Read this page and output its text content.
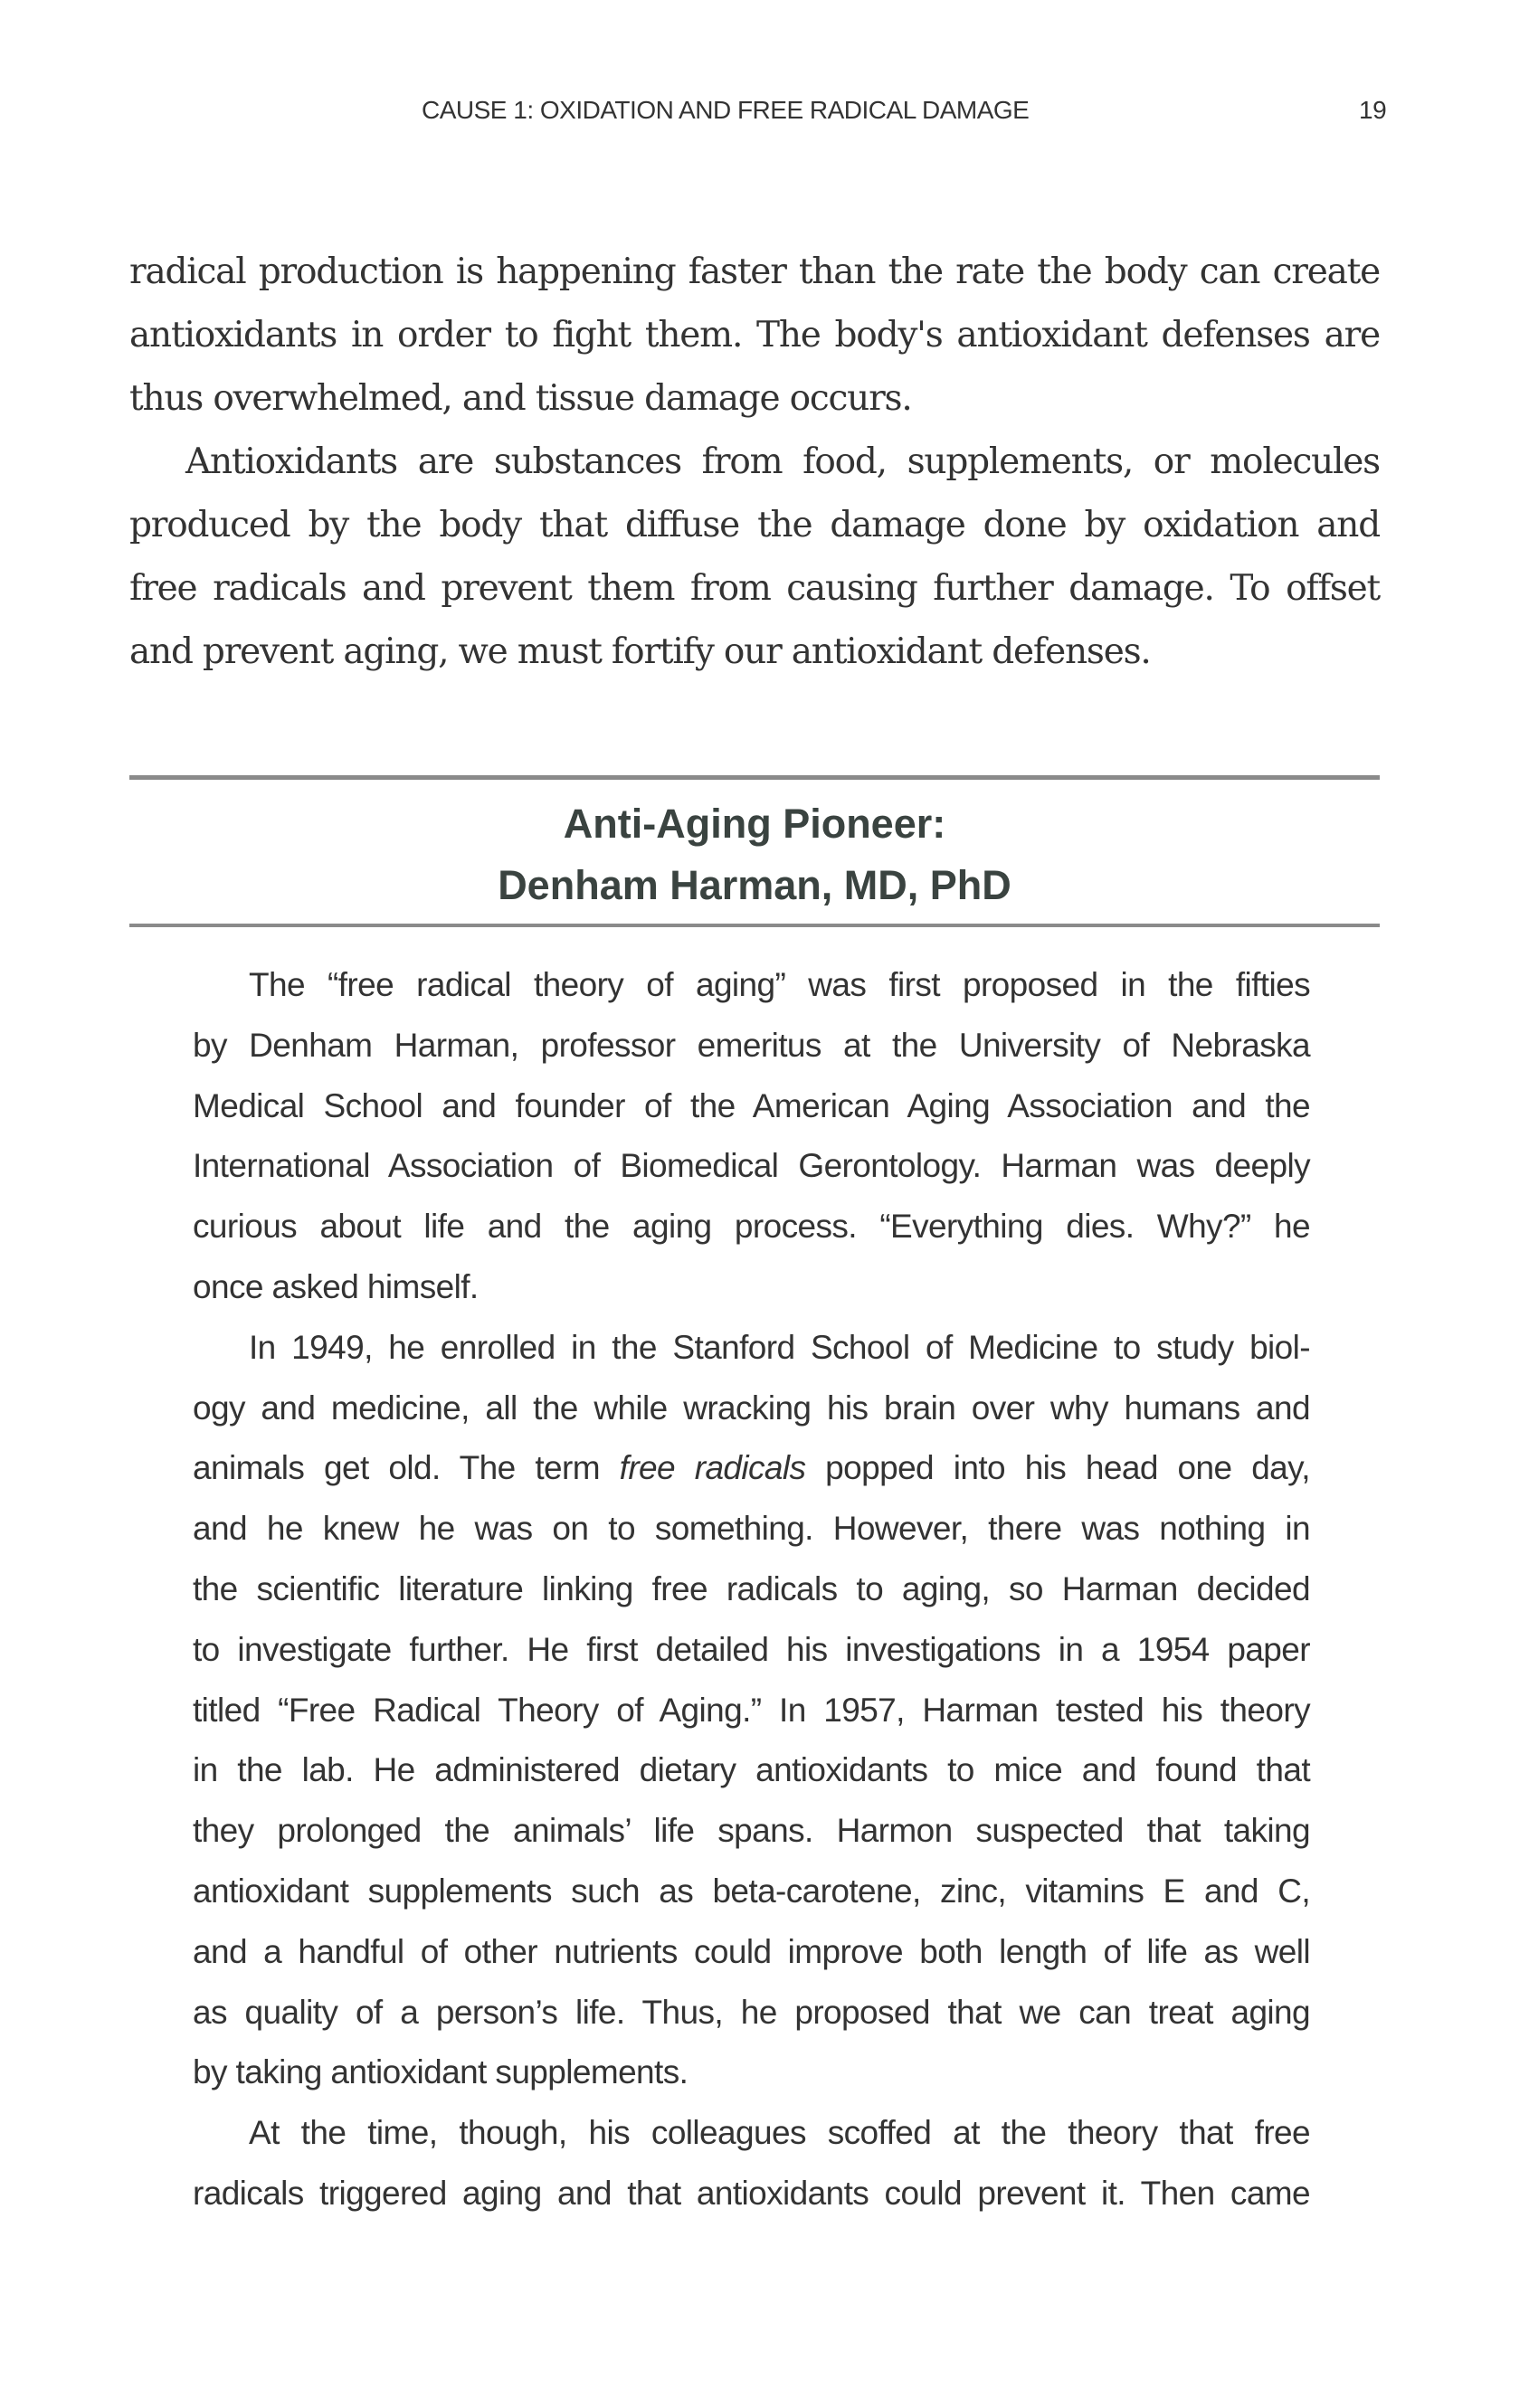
CAUSE 1: OXIDATION AND FREE RADICAL DAMAGE	19
radical production is happening faster than the rate the body can create
antioxidants in order to fight them. The body's antioxidant defenses are
thus overwhelmed, and tissue damage occurs.
Antioxidants are substances from food, supplements, or molecules
produced by the body that diffuse the damage done by oxidation and
free radicals and prevent them from causing further damage. To offset
and prevent aging, we must fortify our antioxidant defenses.
Anti-Aging Pioneer:
Denham Harman, MD, PhD
The “free radical theory of aging” was first proposed in the fifties
by Denham Harman, professor emeritus at the University of Nebraska
Medical School and founder of the American Aging Association and the
International Association of Biomedical Gerontology. Harman was deeply
curious about life and the aging process. “Everything dies. Why?” he
once asked himself.
In 1949, he enrolled in the Stanford School of Medicine to study biol-
ogy and medicine, all the while wracking his brain over why humans and
animals get old. The term free radicals popped into his head one day,
and he knew he was on to something. However, there was nothing in
the scientific literature linking free radicals to aging, so Harman decided
to investigate further. He first detailed his investigations in a 1954 paper
titled “Free Radical Theory of Aging.” In 1957, Harman tested his theory
in the lab. He administered dietary antioxidants to mice and found that
they prolonged the animals’ life spans. Harmon suspected that taking
antioxidant supplements such as beta-carotene, zinc, vitamins E and C,
and a handful of other nutrients could improve both length of life as well
as quality of a person’s life. Thus, he proposed that we can treat aging
by taking antioxidant supplements.
At the time, though, his colleagues scoffed at the theory that free
radicals triggered aging and that antioxidants could prevent it. Then came
